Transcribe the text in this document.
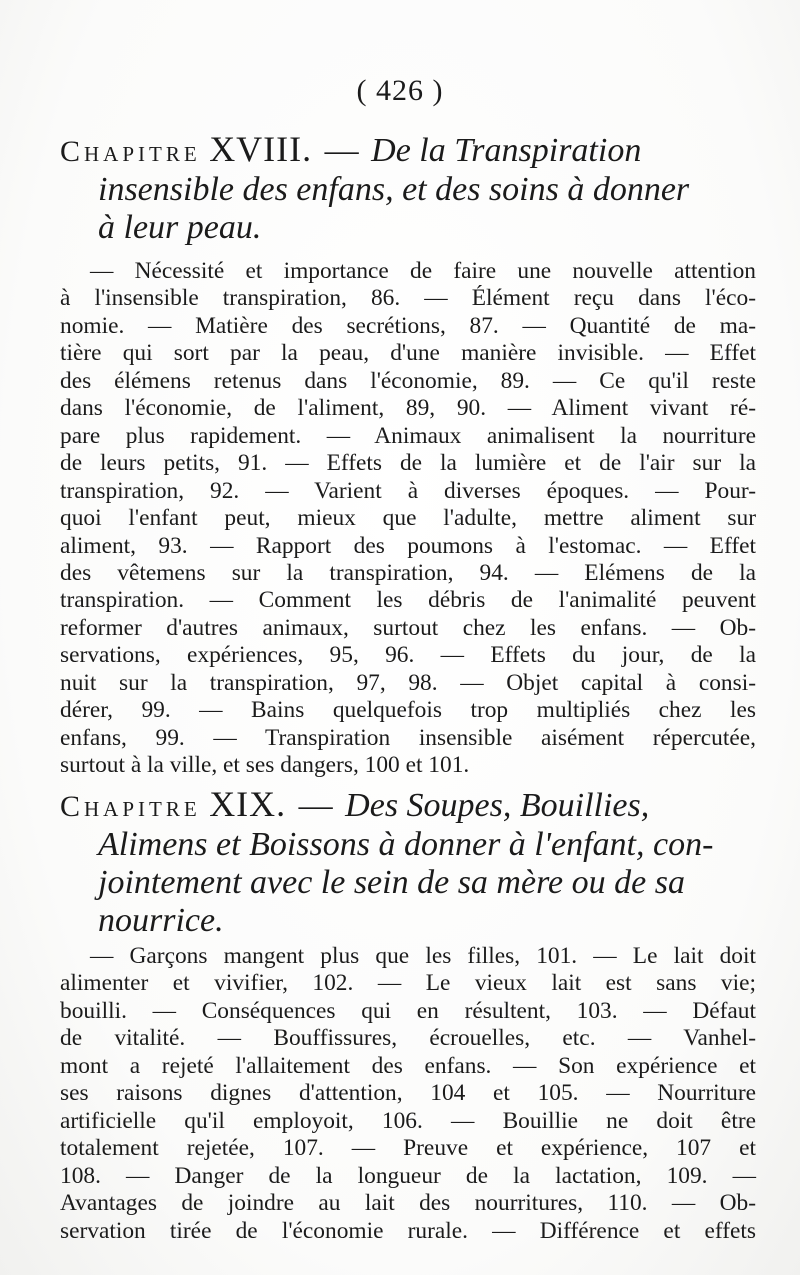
( 426 )
Chapitre XVIII. — De la Transpiration
insensible des enfans, et des soins à donner
à leur peau.
— Nécessité et importance de faire une nouvelle attention
à l'insensible transpiration, 86. — Élément reçu dans l'éco-
nomie. — Matière des secrétions, 87. — Quantité de ma-
tière qui sort par la peau, d'une manière invisible. — Effet
des élémens retenus dans l'économie, 89. — Ce qu'il reste
dans l'économie, de l'aliment, 89, 90. — Aliment vivant ré-
pare plus rapidement. — Animaux animalisent la nourriture
de leurs petits, 91. — Effets de la lumière et de l'air sur la
transpiration, 92. — Varient à diverses époques. — Pour-
quoi l'enfant peut, mieux que l'adulte, mettre aliment sur
aliment, 93. — Rapport des poumons à l'estomac. — Effet
des vêtemens sur la transpiration, 94. — Elémens de la
transpiration. — Comment les débris de l'animalité peuvent
reformer d'autres animaux, surtout chez les enfans. — Ob-
servations, expériences, 95, 96. — Effets du jour, de la
nuit sur la transpiration, 97, 98. — Objet capital à consi-
dérer, 99. — Bains quelquefois trop multipliés chez les
enfans, 99. — Transpiration insensible aisément répercutée,
surtout à la ville, et ses dangers, 100 et 101.
Chapitre XIX. — Des Soupes, Bouillies,
Alimens et Boissons à donner à l'enfant, con-
jointement avec le sein de sa mère ou de sa
nourrice.
— Garçons mangent plus que les filles, 101. — Le lait doit
alimenter et vivifier, 102. — Le vieux lait est sans vie;
bouilli. — Conséquences qui en résultent, 103. — Défaut
de vitalité. — Bouffissures, écrouelles, etc. — Vanhel-
mont a rejeté l'allaitement des enfans. — Son expérience et
ses raisons dignes d'attention, 104 et 105. — Nourriture
artificielle qu'il employoit, 106. — Bouillie ne doit être
totalement rejetée, 107. — Preuve et expérience, 107 et
108. — Danger de la longueur de la lactation, 109. —
Avantages de joindre au lait des nourritures, 110. — Ob-
servation tirée de l'économie rurale. — Différence et effets
